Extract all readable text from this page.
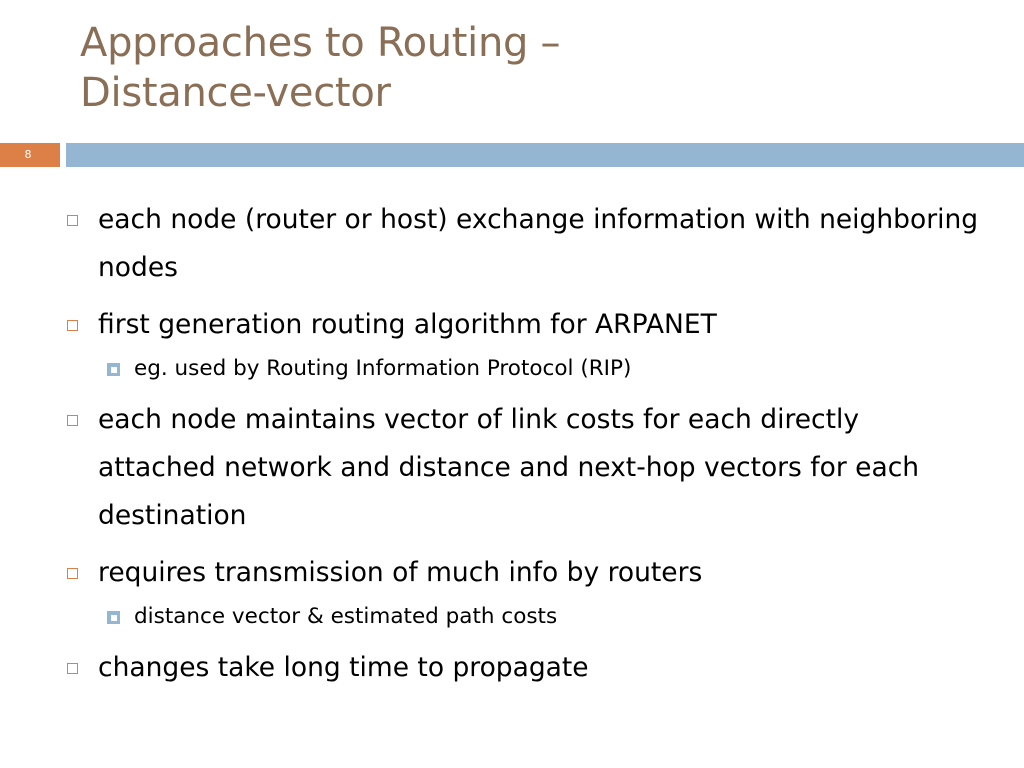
Approaches to Routing –
Distance-vector
8
each node (router or host) exchange information with neighboring nodes
first generation routing algorithm for ARPANET
eg. used by Routing Information Protocol (RIP)
each node maintains vector of link costs for each directly attached network and distance and next-hop vectors for each destination
requires transmission of much info by routers
distance vector & estimated path costs
changes take long time to propagate
